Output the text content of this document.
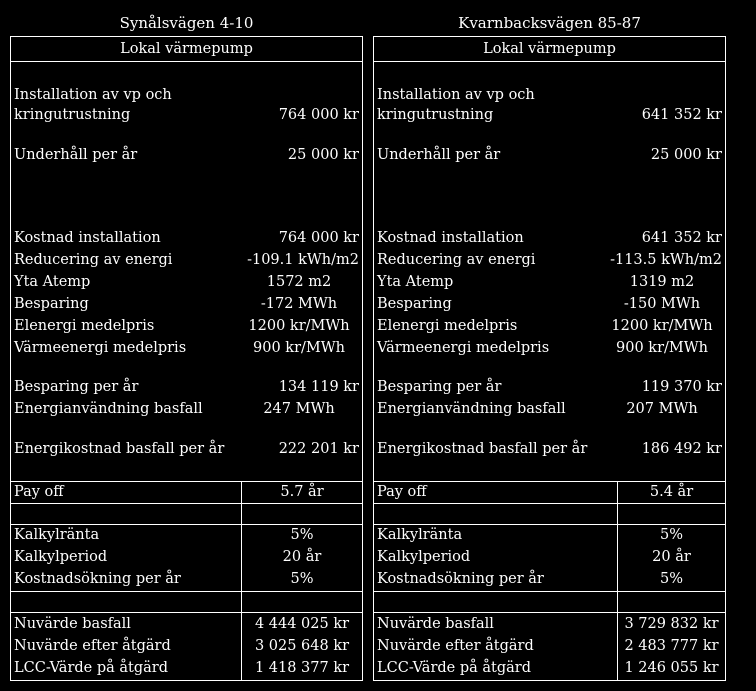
Synålsvägen 4-10
Lokal värmepump
Installation av vp och
kringutrustning	764 000 kr
Underhåll per år	25 000 kr
Kostnad installation	764 000 kr
Reducering av energi	-109.1 kWh/m2
Yta Atemp	1572 m2
Besparing	-172 MWh
Elenergi medelpris	1200 kr/MWh
Värmeenergi medelpris	900 kr/MWh
Besparing per år	134 119 kr
Energianvändning basfall	247 MWh
Energikostnad basfall per år	222 201 kr
Pay off	5.7 år
Kalkylränta	5%
Kalkylperiod	20 år
Kostnadsökning per år	5%
Nuvärde basfall	4 444 025 kr
Nuvärde efter åtgärd	3 025 648 kr
LCC-Värde på åtgärd	1 418 377 kr
Kvarnbacksvägen 85-87
Lokal värmepump
Installation av vp och
kringutrustning	641 352 kr
Underhåll per år	25 000 kr
Kostnad installation	641 352 kr
Reducering av energi	-113.5 kWh/m2
Yta Atemp	1319 m2
Besparing	-150 MWh
Elenergi medelpris	1200 kr/MWh
Värmeenergi medelpris	900 kr/MWh
Besparing per år	119 370 kr
Energianvändning basfall	207 MWh
Energikostnad basfall per år	186 492 kr
Pay off	5.4 år
Kalkylränta	5%
Kalkylperiod	20 år
Kostnadsökning per år	5%
Nuvärde basfall	3 729 832 kr
Nuvärde efter åtgärd	2 483 777 kr
LCC-Värde på åtgärd	1 246 055 kr
